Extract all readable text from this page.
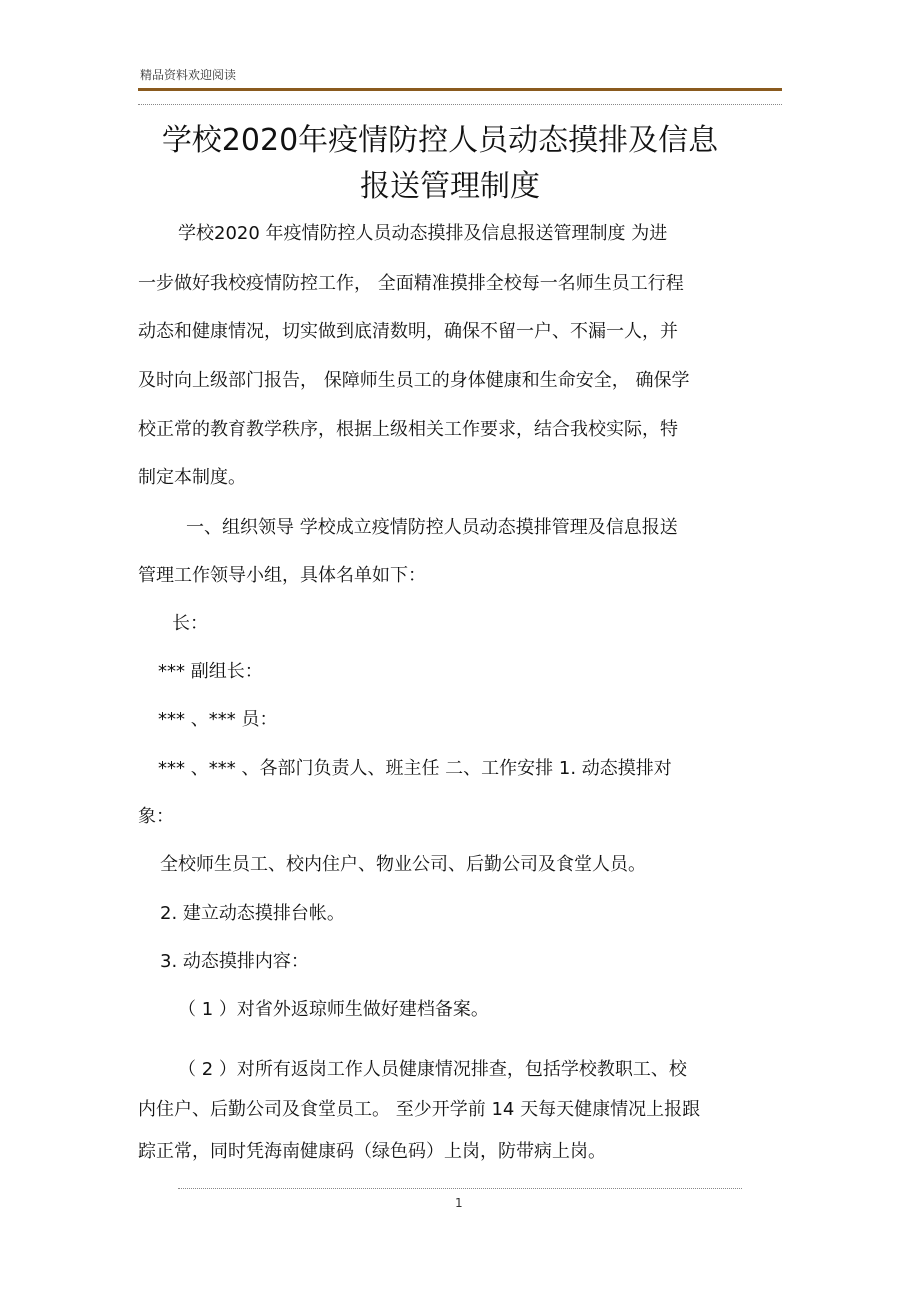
精品资料欢迎阅读
学校2020年疫情防控人员动态摸排及信息
报送管理制度
学校2020 年疫情防控人员动态摸排及信息报送管理制度 为进
一步做好我校疫情防控工作， 全面精准摸排全校每一名师生员工行程
动态和健康情况，切实做到底清数明，确保不留一户、不漏一人，并
及时向上级部门报告， 保障师生员工的身体健康和生命安全， 确保学
校正常的教育教学秩序，根据上级相关工作要求，结合我校实际，特
制定本制度。
一、组织领导 学校成立疫情防控人员动态摸排管理及信息报送
管理工作领导小组，具体名单如下：
长：
*** 副组长：
*** 、*** 员：
*** 、*** 、各部门负责人、班主任 二、工作安排 1. 动态摸排对
象：
全校师生员工、校内住户、物业公司、后勤公司及食堂人员。
2. 建立动态摸排台帐。
3. 动态摸排内容：
（ 1 ）对省外返琼师生做好建档备案。
（ 2 ）对所有返岗工作人员健康情况排查，包括学校教职工、校
内住户、后勤公司及食堂员工。 至少开学前 14 天每天健康情况上报跟
踪正常，同时凭海南健康码（绿色码）上岗，防带病上岗。
1
